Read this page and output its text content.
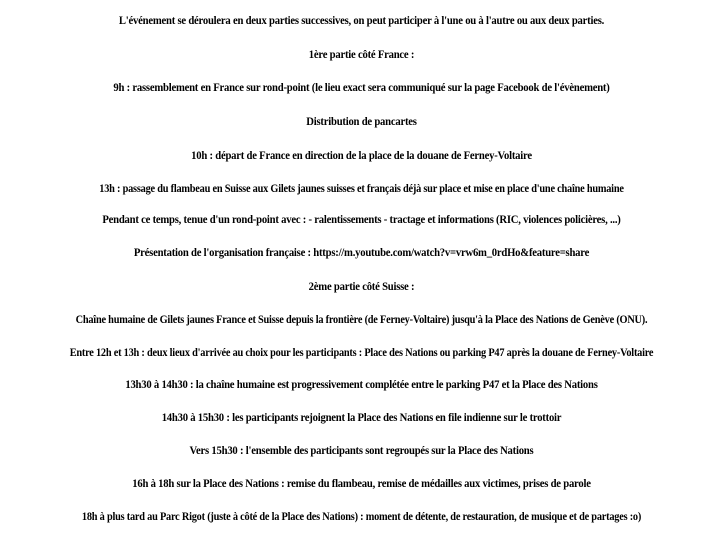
L'événement se déroulera en deux parties successives, on peut participer à l'une ou à l'autre ou aux deux parties.
1ère partie côté France :
9h : rassemblement en France sur rond-point (le lieu exact sera communiqué sur la page Facebook de l'évènement)
Distribution de pancartes
10h : départ de France en direction de la place de la douane de Ferney-Voltaire
13h : passage du flambeau en Suisse aux Gilets jaunes suisses et français déjà sur place et mise en place d'une chaîne humaine
Pendant ce temps, tenue d'un rond-point avec : - ralentissements - tractage et informations (RIC, violences policières, ...)
Présentation de l'organisation française : https://m.youtube.com/watch?v=vrw6m_0rdHo&feature=share
2ème partie côté Suisse :
Chaîne humaine de Gilets jaunes France et Suisse depuis la frontière (de Ferney-Voltaire) jusqu'à la Place des Nations de Genève (ONU).
Entre 12h et 13h : deux lieux d'arrivée au choix pour les participants : Place des Nations ou parking P47 après la douane de Ferney-Voltaire
13h30 à 14h30 : la chaîne humaine est progressivement complétée entre le parking P47 et la Place des Nations
14h30 à 15h30 : les participants rejoignent la Place des Nations en file indienne sur le trottoir
Vers 15h30 : l'ensemble des participants sont regroupés sur la Place des Nations
16h à 18h sur la Place des Nations : remise du flambeau, remise de médailles aux victimes, prises de parole
18h à plus tard au Parc Rigot (juste à côté de la Place des Nations) : moment de détente, de restauration, de musique et de partages :o)
